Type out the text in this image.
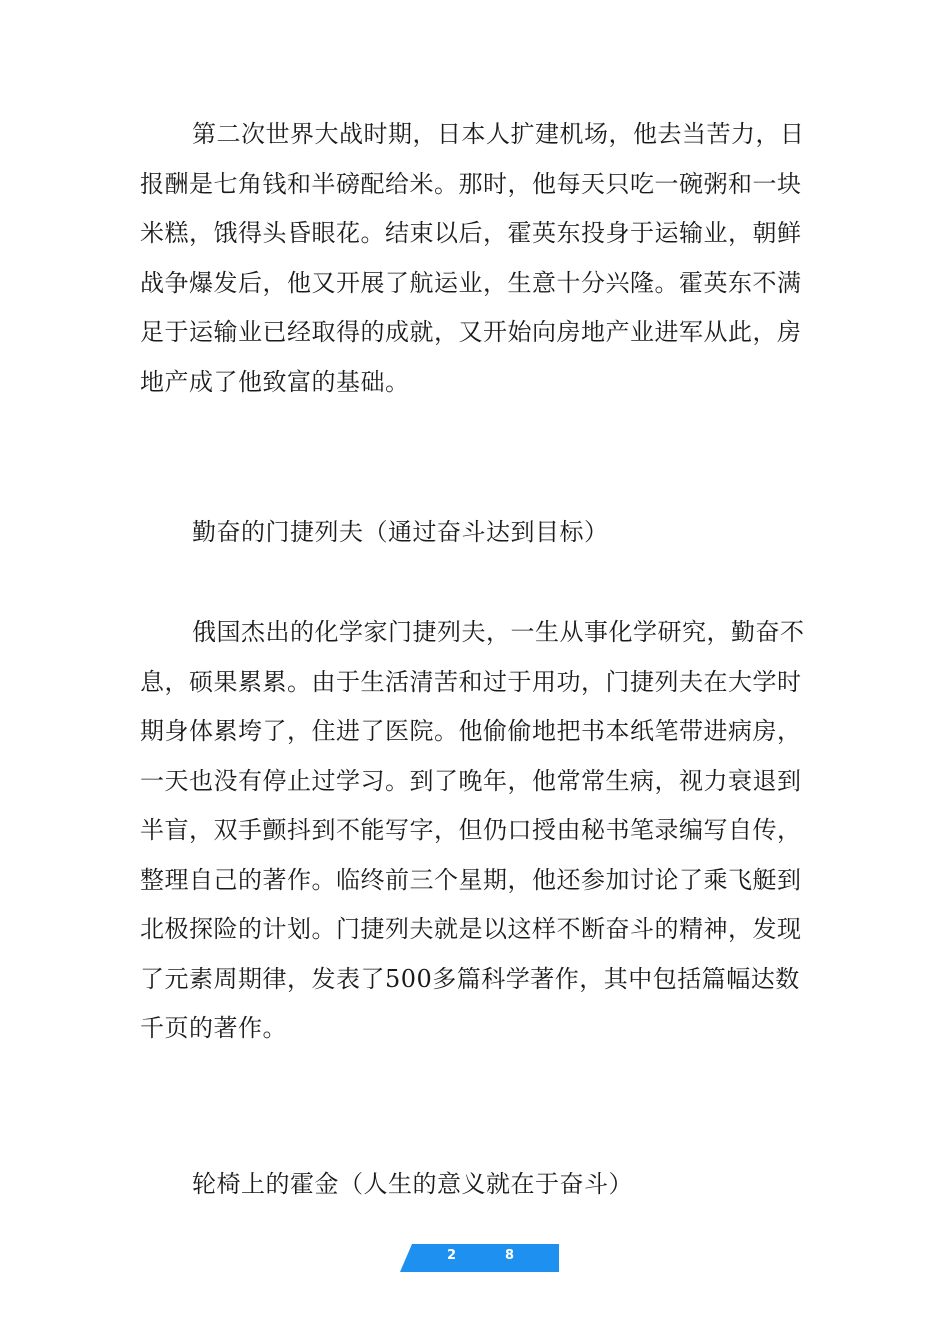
第二次世界大战时期，日本人扩建机场，他去当苦力，日报酬是七角钱和半磅配给米。那时，他每天只吃一碗粥和一块米糕，饿得头昏眼花。结束以后，霍英东投身于运输业，朝鲜战争爆发后，他又开展了航运业，生意十分兴隆。霍英东不满足于运输业已经取得的成就，又开始向房地产业进军从此，房地产成了他致富的基础。

勤奋的门捷列夫（通过奋斗达到目标）

俄国杰出的化学家门捷列夫，一生从事化学研究，勤奋不息，硕果累累。由于生活清苦和过于用功，门捷列夫在大学时期身体累垮了，住进了医院。他偷偷地把书本纸笔带进病房，一天也没有停止过学习。到了晚年，他常常生病，视力衰退到半盲，双手颤抖到不能写字，但仍口授由秘书笔录编写自传，整理自己的著作。临终前三个星期，他还参加讨论了乘飞艇到北极探险的计划。门捷列夫就是以这样不断奋斗的精神，发现了元素周期律，发表了500多篇科学著作，其中包括篇幅达数千页的著作。

轮椅上的霍金（人生的意义就在于奋斗）

2	8
